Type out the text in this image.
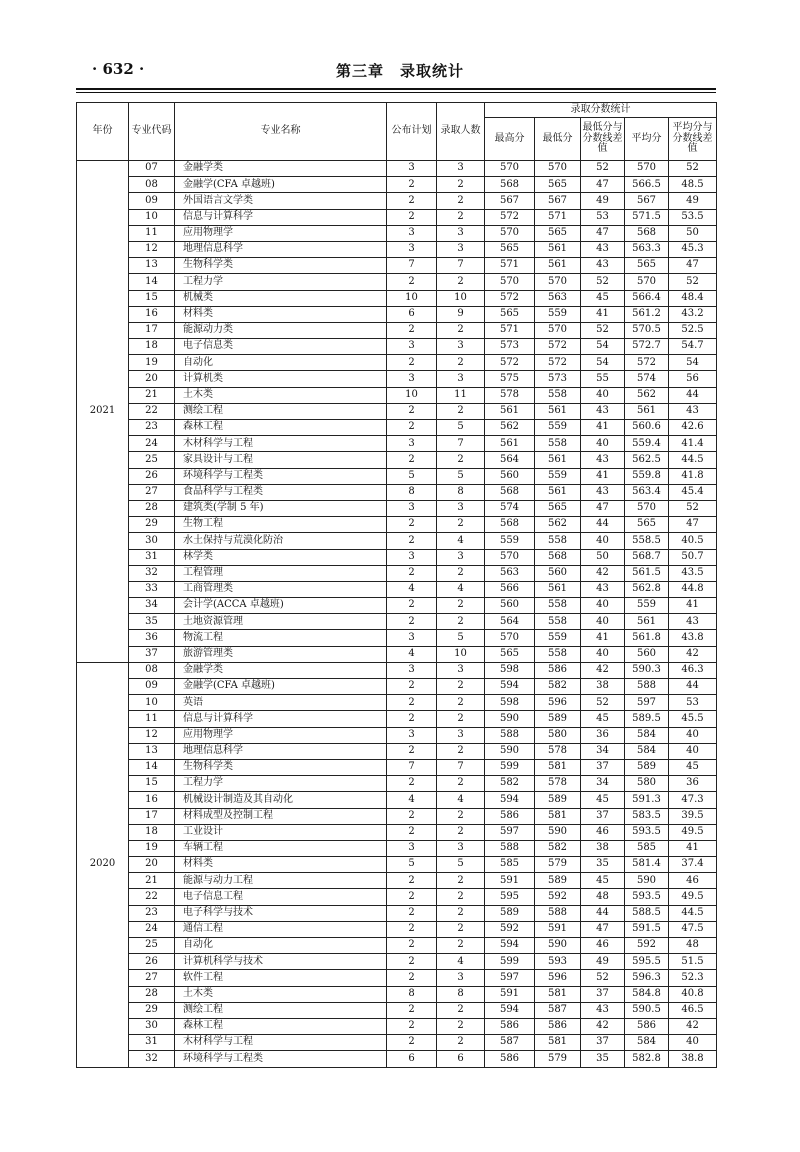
· 632 ·	第三章　录取统计
年份	专业代码	专业名称	公布计划	录取人数	录取分数统计				
					最高分	最低分	最低分与分数线差值	平均分	平均分与分数线差值
2021	07	金融学类	3	3	570	570	52	570	52
	08	金融学(CFA 卓越班)	2	2	568	565	47	566.5	48.5
	09	外国语言文学类	2	2	567	567	49	567	49
	10	信息与计算科学	2	2	572	571	53	571.5	53.5
	11	应用物理学	3	3	570	565	47	568	50
	12	地理信息科学	3	3	565	561	43	563.3	45.3
	13	生物科学类	7	7	571	561	43	565	47
	14	工程力学	2	2	570	570	52	570	52
	15	机械类	10	10	572	563	45	566.4	48.4
	16	材料类	6	9	565	559	41	561.2	43.2
	17	能源动力类	2	2	571	570	52	570.5	52.5
	18	电子信息类	3	3	573	572	54	572.7	54.7
	19	自动化	2	2	572	572	54	572	54
	20	计算机类	3	3	575	573	55	574	56
	21	土木类	10	11	578	558	40	562	44
	22	测绘工程	2	2	561	561	43	561	43
	23	森林工程	2	5	562	559	41	560.6	42.6
	24	木材科学与工程	3	7	561	558	40	559.4	41.4
	25	家具设计与工程	2	2	564	561	43	562.5	44.5
	26	环境科学与工程类	5	5	560	559	41	559.8	41.8
	27	食品科学与工程类	8	8	568	561	43	563.4	45.4
	28	建筑类(学制 5 年)	3	3	574	565	47	570	52
	29	生物工程	2	2	568	562	44	565	47
	30	水土保持与荒漠化防治	2	4	559	558	40	558.5	40.5
	31	林学类	3	3	570	568	50	568.7	50.7
	32	工程管理	2	2	563	560	42	561.5	43.5
	33	工商管理类	4	4	566	561	43	562.8	44.8
	34	会计学(ACCA 卓越班)	2	2	560	558	40	559	41
	35	土地资源管理	2	2	564	558	40	561	43
	36	物流工程	3	5	570	559	41	561.8	43.8
	37	旅游管理类	4	10	565	558	40	560	42
2020	08	金融学类	3	3	598	586	42	590.3	46.3
	09	金融学(CFA 卓越班)	2	2	594	582	38	588	44
	10	英语	2	2	598	596	52	597	53
	11	信息与计算科学	2	2	590	589	45	589.5	45.5
	12	应用物理学	3	3	588	580	36	584	40
	13	地理信息科学	2	2	590	578	34	584	40
	14	生物科学类	7	7	599	581	37	589	45
	15	工程力学	2	2	582	578	34	580	36
	16	机械设计制造及其自动化	4	4	594	589	45	591.3	47.3
	17	材料成型及控制工程	2	2	586	581	37	583.5	39.5
	18	工业设计	2	2	597	590	46	593.5	49.5
	19	车辆工程	3	3	588	582	38	585	41
	20	材料类	5	5	585	579	35	581.4	37.4
	21	能源与动力工程	2	2	591	589	45	590	46
	22	电子信息工程	2	2	595	592	48	593.5	49.5
	23	电子科学与技术	2	2	589	588	44	588.5	44.5
	24	通信工程	2	2	592	591	47	591.5	47.5
	25	自动化	2	2	594	590	46	592	48
	26	计算机科学与技术	2	4	599	593	49	595.5	51.5
	27	软件工程	2	3	597	596	52	596.3	52.3
	28	土木类	8	8	591	581	37	584.8	40.8
	29	测绘工程	2	2	594	587	43	590.5	46.5
	30	森林工程	2	2	586	586	42	586	42
	31	木材科学与工程	2	2	587	581	37	584	40
	32	环境科学与工程类	6	6	586	579	35	582.8	38.8
